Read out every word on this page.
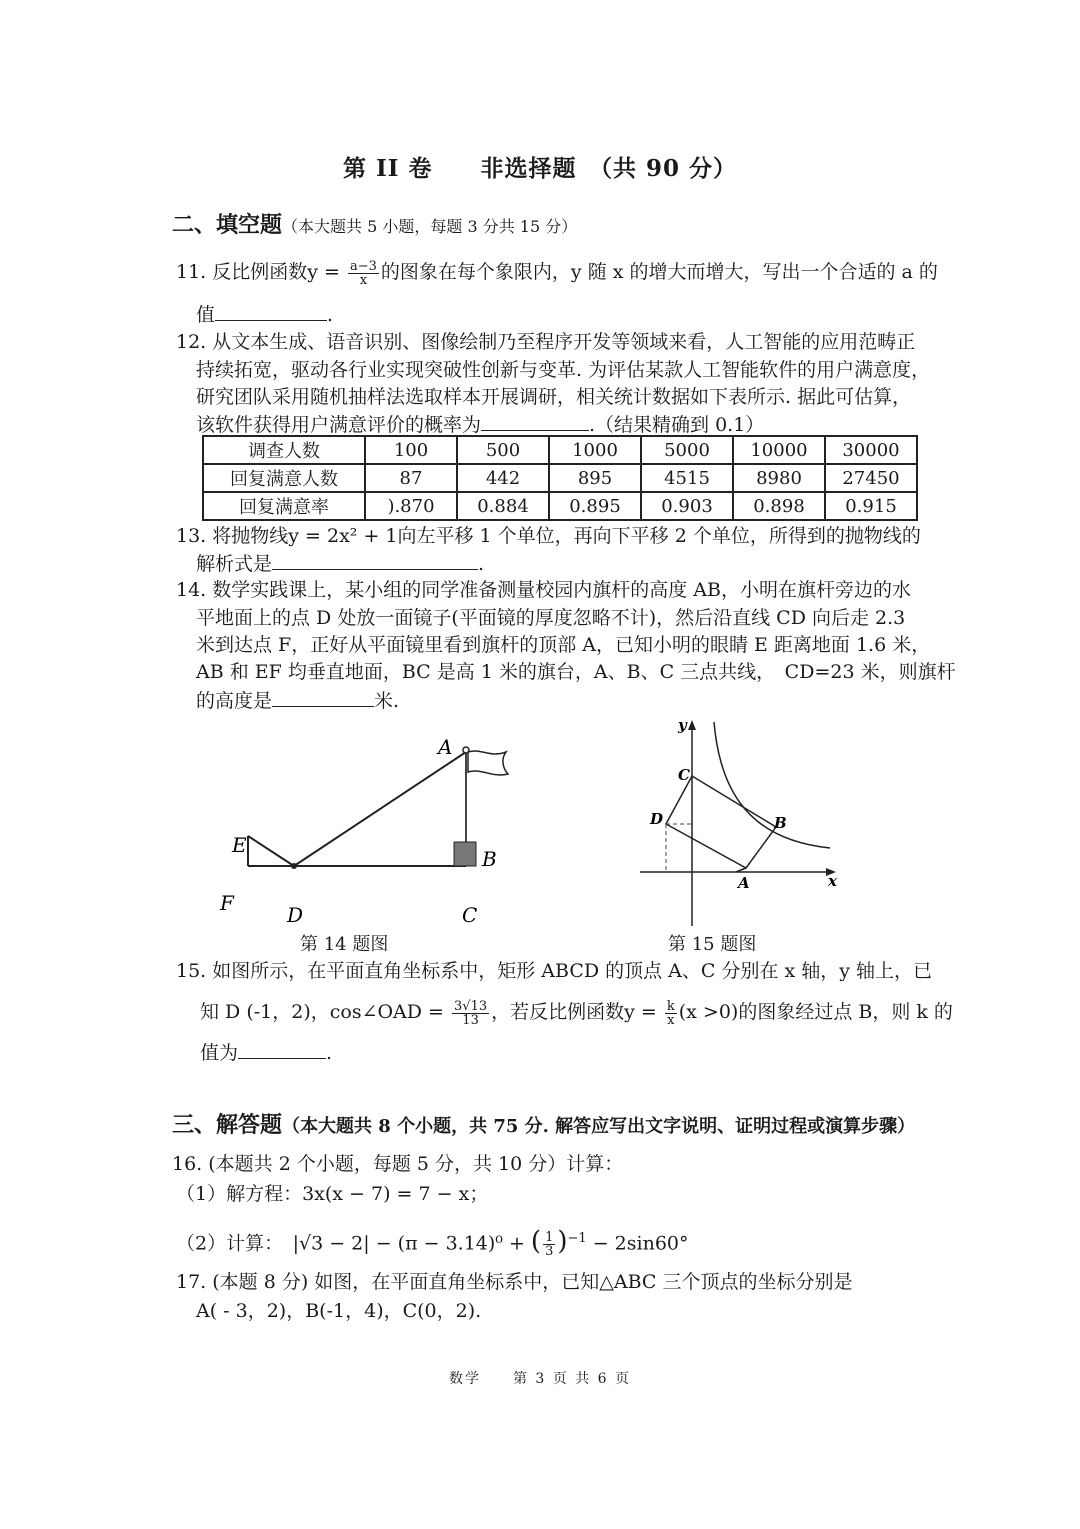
第 II 卷　　非选择题　（共 90 分）
二、填空题（本大题共 5 小题，每题 3 分共 15 分）
11. 反比例函数$y = \frac{a-3}{x}$ 的图象在每个象限内，y 随 x 的增大而增大，写出一个合适的 a 的
值	.
12. 从文本生成、语音识别、图像绘制乃至程序开发等领域来看，人工智能的应用范畴正
持续拓宽，驱动各行业实现突破性创新与变革. 为评估某款人工智能软件的用户满意度，
研究团队采用随机抽样法选取样本开展调研，相关统计数据如下表所示. 据此可估算，
该软件获得用户满意评价的概率为	.（结果精确到 0.1）
调查人数	100	500	1000	5000	10000	30000
回复满意人数	87	442	895	4515	8980	27450
回复满意率	).870	0.884	0.895	0.903	0.898	0.915
13. 将抛物线y = 2x² + 1向左平移 1 个单位，再向下平移 2 个单位，所得到的抛物线的
解析式是	.
14. 数学实践课上，某小组的同学准备测量校园内旗杆的高度 AB，小明在旗杆旁边的水
平地面上的点 D 处放一面镜子(平面镜的厚度忽略不计)，然后沿直线 CD 向后走 2.3
米到达点 F，正好从平面镜里看到旗杆的顶部 A，已知小明的眼睛 E 距离地面 1.6 米，
AB 和 EF 均垂直地面，BC 是高 1 米的旗台，A、B、C 三点共线，　CD=23 米，则旗杆
的高度是	米.
A
B
C
D
E
F
第 14 题图
y
x
C
D	B
A
第 15 题图
15. 如图所示，在平面直角坐标系中，矩形 ABCD 的顶点 A、C 分别在 x 轴，y 轴上，已
知 D (-1，2)，cos∠OAD = $\frac{3√13}{13}$ ，若反比例函数$y = \frac{k}{x} (x >0)$的图象经过点 B，则 k 的
值为	.
三、解答题（本大题共 8 个小题，共 75 分. 解答应写出文字说明、证明过程或演算步骤）
16. (本题共 2 个小题，每题 5 分，共 10 分）计算：
（1）解方程：3x(x − 7) = 7 − x；
（2）计算：　|√3 − 2| − (π − 3.14)⁰ + ( $\frac{1}{3} )^{-1} - 2\sin 60^\circ$
17. (本题 8 分) 如图，在平面直角坐标系中，已知△ABC 三个顶点的坐标分别是
A( - 3，2)，B(-1，4)，C(0，2).
数学　　第 3 页 共 6 页
